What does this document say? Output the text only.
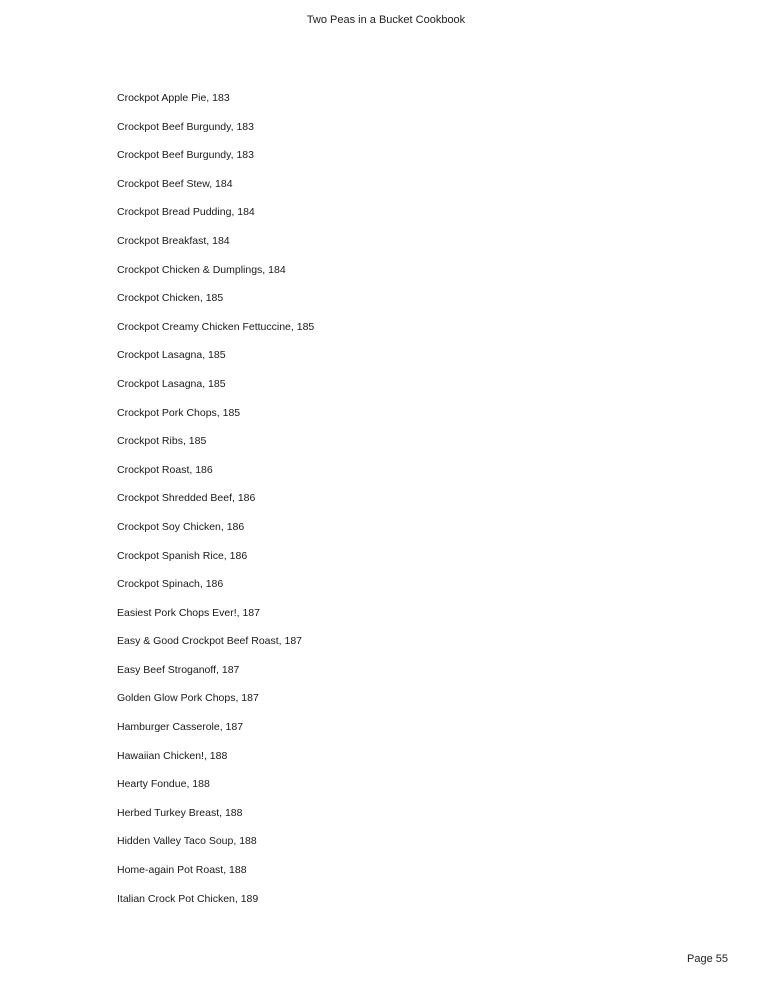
Two Peas in a Bucket Cookbook
Crockpot Apple Pie, 183
Crockpot Beef Burgundy, 183
Crockpot Beef Burgundy, 183
Crockpot Beef Stew, 184
Crockpot Bread Pudding, 184
Crockpot Breakfast, 184
Crockpot Chicken & Dumplings, 184
Crockpot Chicken, 185
Crockpot Creamy Chicken Fettuccine, 185
Crockpot Lasagna, 185
Crockpot Lasagna, 185
Crockpot Pork Chops, 185
Crockpot Ribs, 185
Crockpot Roast, 186
Crockpot Shredded Beef, 186
Crockpot Soy Chicken, 186
Crockpot Spanish Rice, 186
Crockpot Spinach, 186
Easiest Pork Chops Ever!, 187
Easy & Good Crockpot Beef Roast, 187
Easy Beef Stroganoff, 187
Golden Glow Pork Chops, 187
Hamburger Casserole, 187
Hawaiian Chicken!, 188
Hearty Fondue, 188
Herbed Turkey Breast, 188
Hidden Valley Taco Soup, 188
Home-again Pot Roast, 188
Italian Crock Pot Chicken, 189
Page 55
